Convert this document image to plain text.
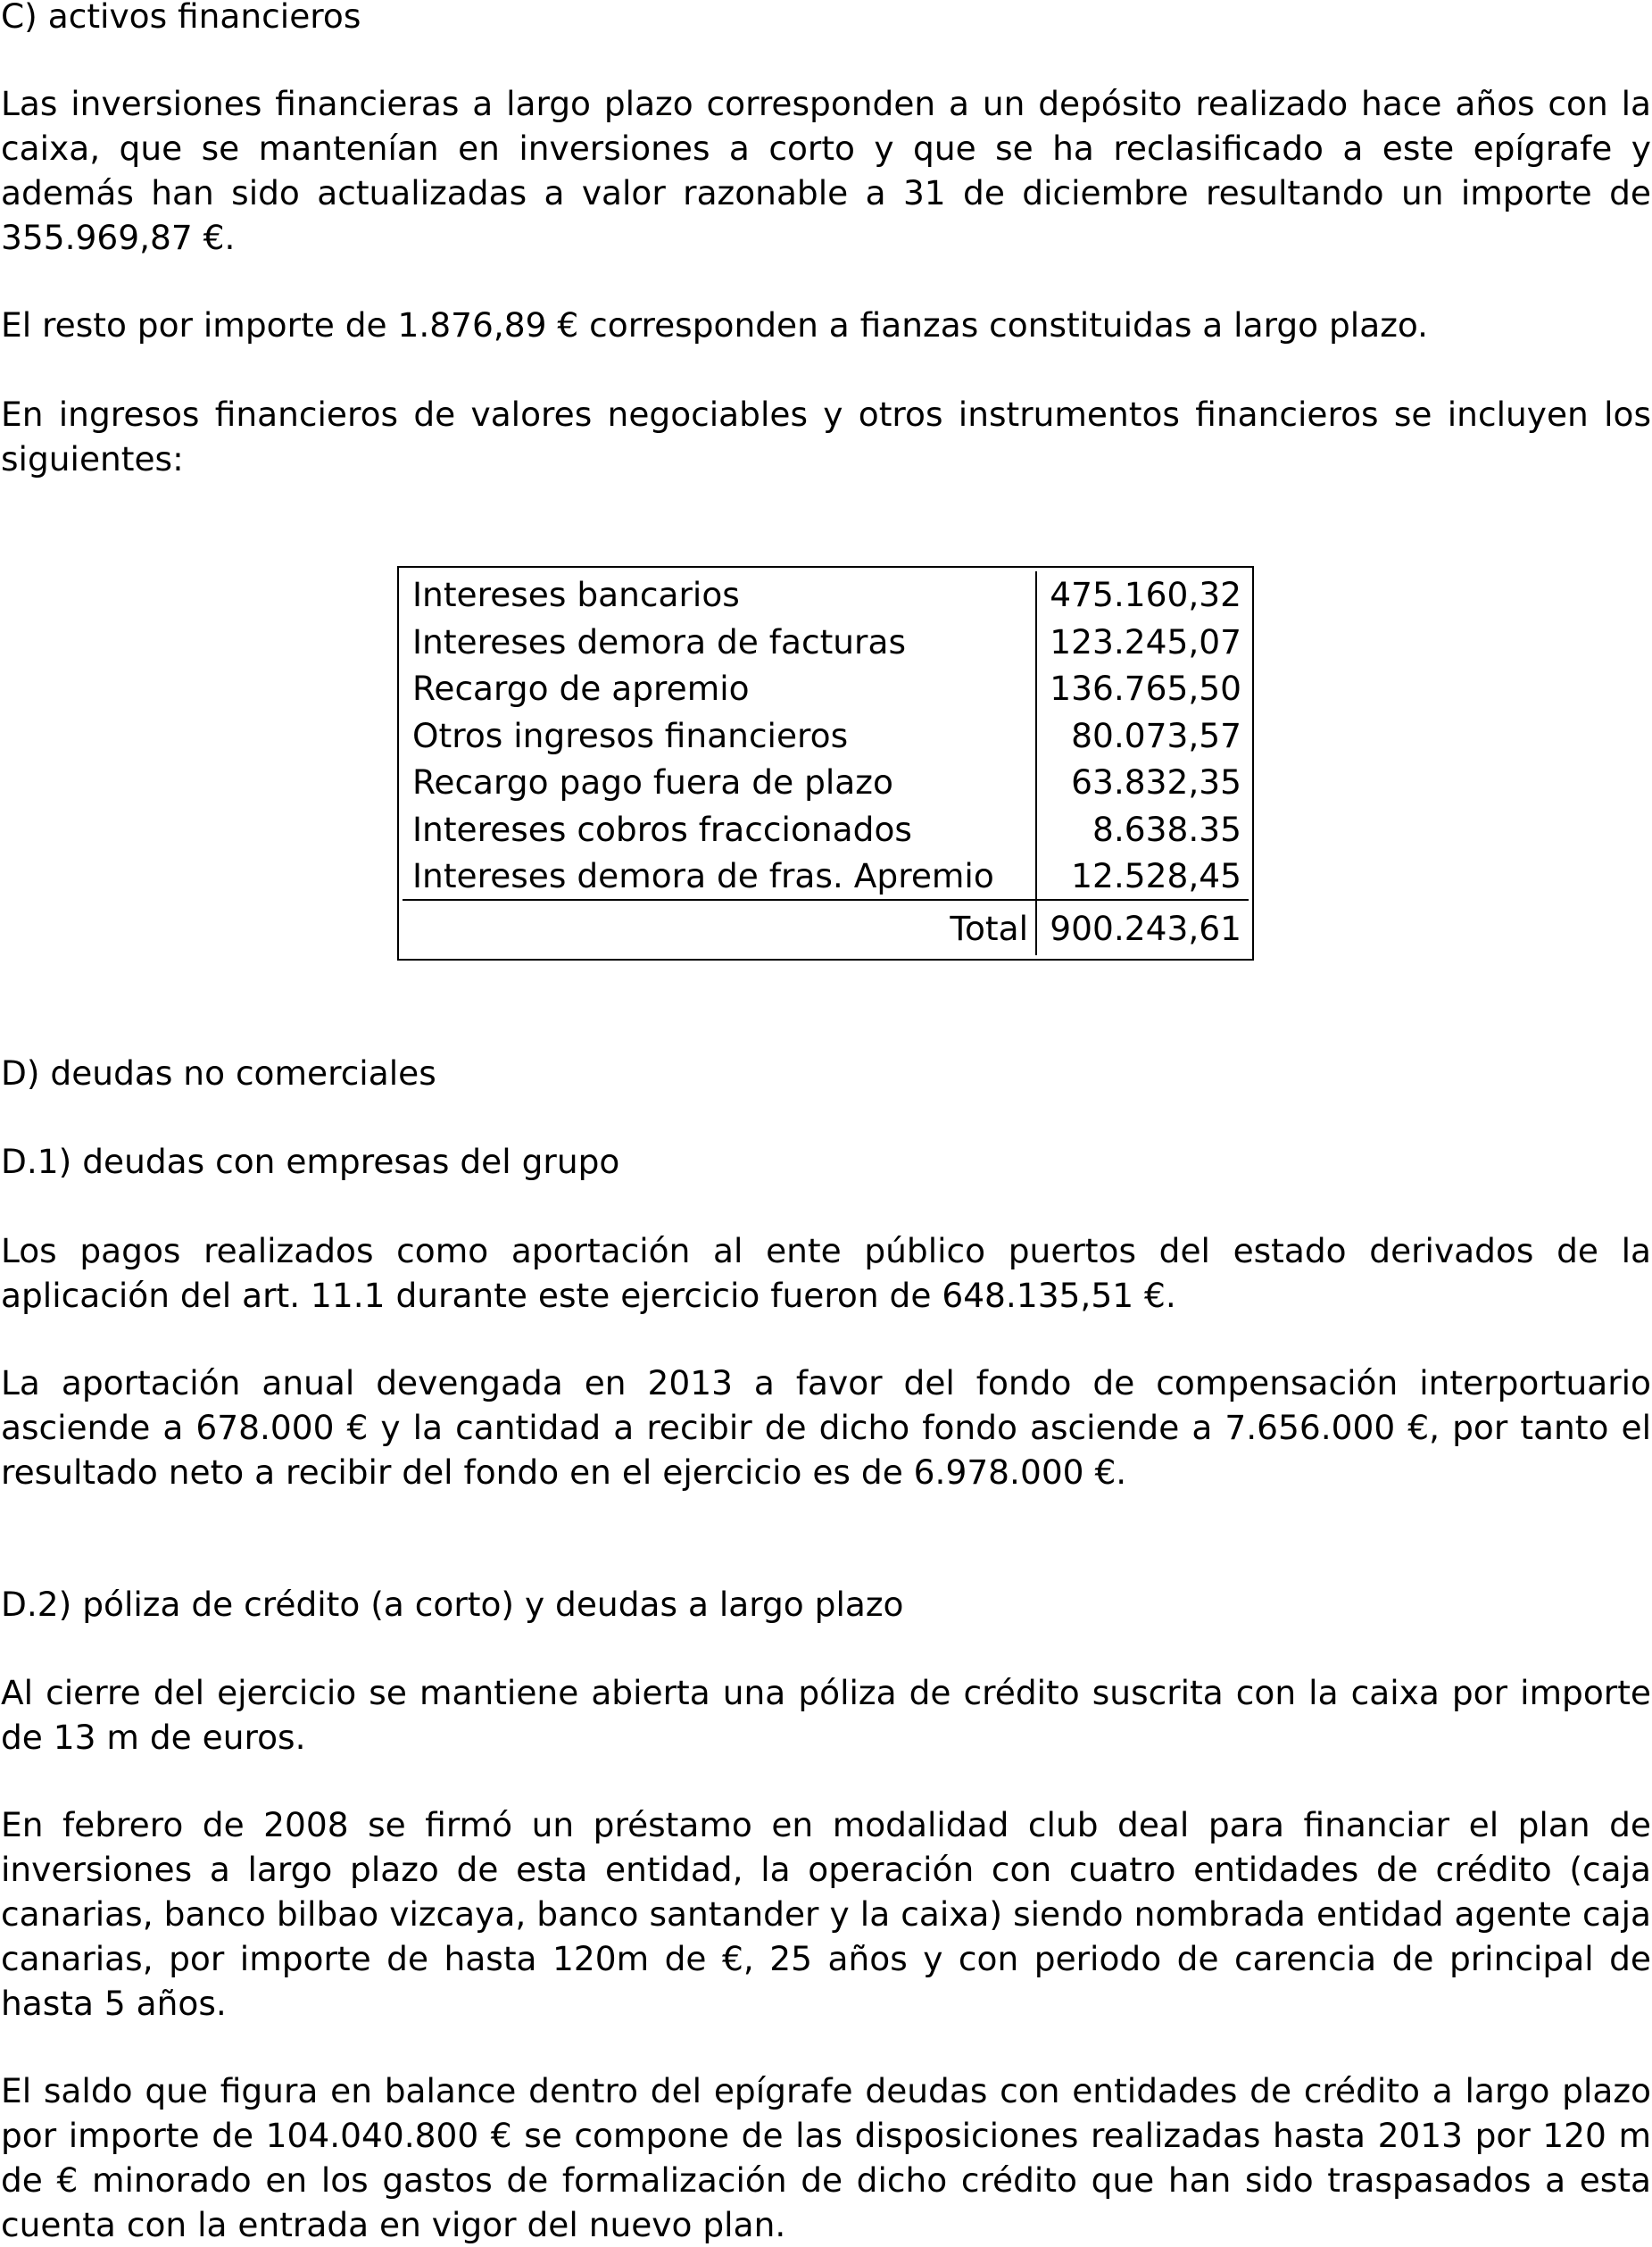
C) activos financieros

Las inversiones financieras a largo plazo corresponden a un depósito realizado hace años con la caixa, que se mantenían en inversiones a corto y que se ha reclasificado a este epígrafe y además han sido actualizadas a valor razonable a 31 de diciembre resultando un importe de 355.969,87 €.

El resto por importe de 1.876,89 € corresponden a fianzas constituidas a largo plazo.

En ingresos financieros de valores negociables y otros instrumentos financieros se incluyen los siguientes:

Intereses bancarios	475.160,32
Intereses demora de facturas	123.245,07
Recargo de apremio	136.765,50
Otros ingresos financieros	80.073,57
Recargo pago fuera de plazo	63.832,35
Intereses cobros fraccionados	8.638.35
Intereses demora de fras. Apremio	12.528,45
Total	900.243,61

D) deudas no comerciales

D.1) deudas con empresas del grupo

Los pagos realizados como aportación al ente público puertos del estado derivados de la aplicación del art. 11.1 durante este ejercicio fueron de 648.135,51 €.

La aportación anual devengada en 2013 a favor del fondo de compensación interportuario asciende a 678.000 € y la cantidad a recibir de dicho fondo asciende a 7.656.000 €, por tanto el resultado neto a recibir del fondo en el ejercicio es de 6.978.000 €.

D.2) póliza de crédito (a corto) y deudas a largo plazo

Al cierre del ejercicio se mantiene abierta una póliza de crédito suscrita con la caixa por importe de 13 m de euros.

En febrero de 2008 se firmó un préstamo en modalidad club deal para financiar el plan de inversiones a largo plazo de esta entidad, la operación con cuatro entidades de crédito (caja canarias, banco bilbao vizcaya, banco santander y la caixa) siendo nombrada entidad agente caja canarias, por importe de hasta 120m de €, 25 años y con periodo de carencia de principal de hasta 5 años.

El saldo que figura en balance dentro del epígrafe deudas con entidades de crédito a largo plazo por importe de 104.040.800 € se compone de las disposiciones realizadas hasta 2013 por 120 m de € minorado en los gastos de formalización de dicho crédito que han sido traspasados a esta cuenta con la entrada en vigor del nuevo plan.
